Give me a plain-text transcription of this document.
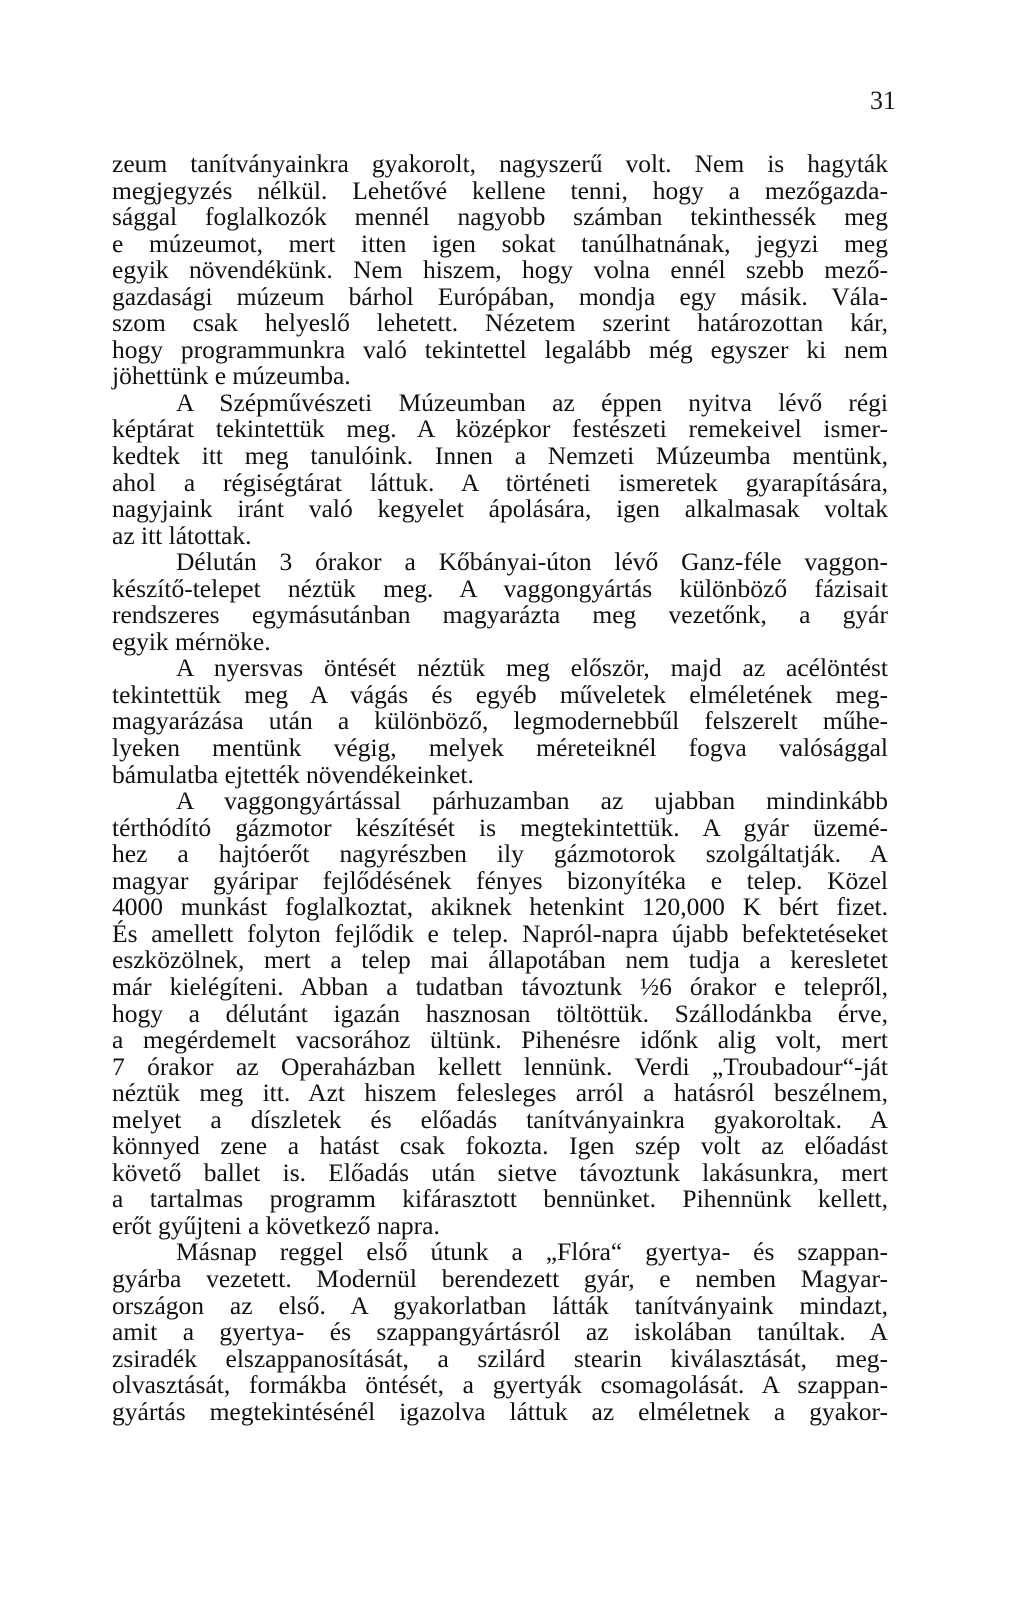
31
zeum tanítványainkra gyakorolt, nagyszerű volt. Nem is hagyták
megjegyzés nélkül. Lehetővé kellene tenni, hogy a mezőgazda-
sággal foglalkozók mennél nagyobb számban tekinthessék meg
e múzeumot, mert itten igen sokat tanúlhatnának, jegyzi meg
egyik növendékünk. Nem hiszem, hogy volna ennél szebb mező-
gazdasági múzeum bárhol Európában, mondja egy másik. Vála-
szom csak helyeslő lehetett. Nézetem szerint határozottan kár,
hogy programmunkra való tekintettel legalább még egyszer ki nem
jöhettünk e múzeumba.
A Szépművészeti Múzeumban az éppen nyitva lévő régi
képtárat tekintettük meg. A középkor festészeti remekeivel ismer-
kedtek itt meg tanulóink. Innen a Nemzeti Múzeumba mentünk,
ahol a régiségtárat láttuk. A történeti ismeretek gyarapítására,
nagyjaink iránt való kegyelet ápolására, igen alkalmasak voltak
az itt látottak.
Délután 3 órakor a Kőbányai-úton lévő Ganz-féle vaggon-
készítő-telepet néztük meg. A vaggongyártás különböző fázisait
rendszeres egymásutánban magyarázta meg vezetőnk, a gyár
egyik mérnöke.
A nyersvas öntését néztük meg először, majd az acélöntést
tekintettük meg A vágás és egyéb műveletek elméletének meg-
magyarázása után a különböző, legmodernebbűl felszerelt műhe-
lyeken mentünk végig, melyek méreteiknél fogva valósággal
bámulatba ejtették növendékeinket.
A vaggongyártással párhuzamban az ujabban mindinkább
térthódító gázmotor készítését is megtekintettük. A gyár üzemé-
hez a hajtóerőt nagyrészben ily gázmotorok szolgáltatják. A
magyar gyáripar fejlődésének fényes bizonyítéka e telep. Közel
4000 munkást foglalkoztat, akiknek hetenkint 120,000 K bért fizet.
És amellett folyton fejlődik e telep. Napról-napra újabb befektetéseket
eszközölnek, mert a telep mai állapotában nem tudja a keresletet
már kielégíteni. Abban a tudatban távoztunk ½6 órakor e telepről,
hogy a délutánt igazán hasznosan töltöttük. Szállodánkba érve,
a megérdemelt vacsorához ültünk. Pihenésre időnk alig volt, mert
7 órakor az Operaházban kellett lennünk. Verdi „Troubadour“-ját
néztük meg itt. Azt hiszem felesleges arról a hatásról beszélnem,
melyet a díszletek és előadás tanítványainkra gyakoroltak. A
könnyed zene a hatást csak fokozta. Igen szép volt az előadást
követő ballet is. Előadás után sietve távoztunk lakásunkra, mert
a tartalmas programm kifárasztott bennünket. Pihennünk kellett,
erőt gyűjteni a következő napra.
Másnap reggel első útunk a „Flóra“ gyertya- és szappan-
gyárba vezetett. Modernül berendezett gyár, e nemben Magyar-
országon az első. A gyakorlatban látták tanítványaink mindazt,
amit a gyertya- és szappangyártásról az iskolában tanúltak. A
zsiradék elszappanosítását, a szilárd stearin kiválasztását, meg-
olvasztását, formákba öntését, a gyertyák csomagolását. A szappan-
gyártás megtekintésénél igazolva láttuk az elméletnek a gyakor-
